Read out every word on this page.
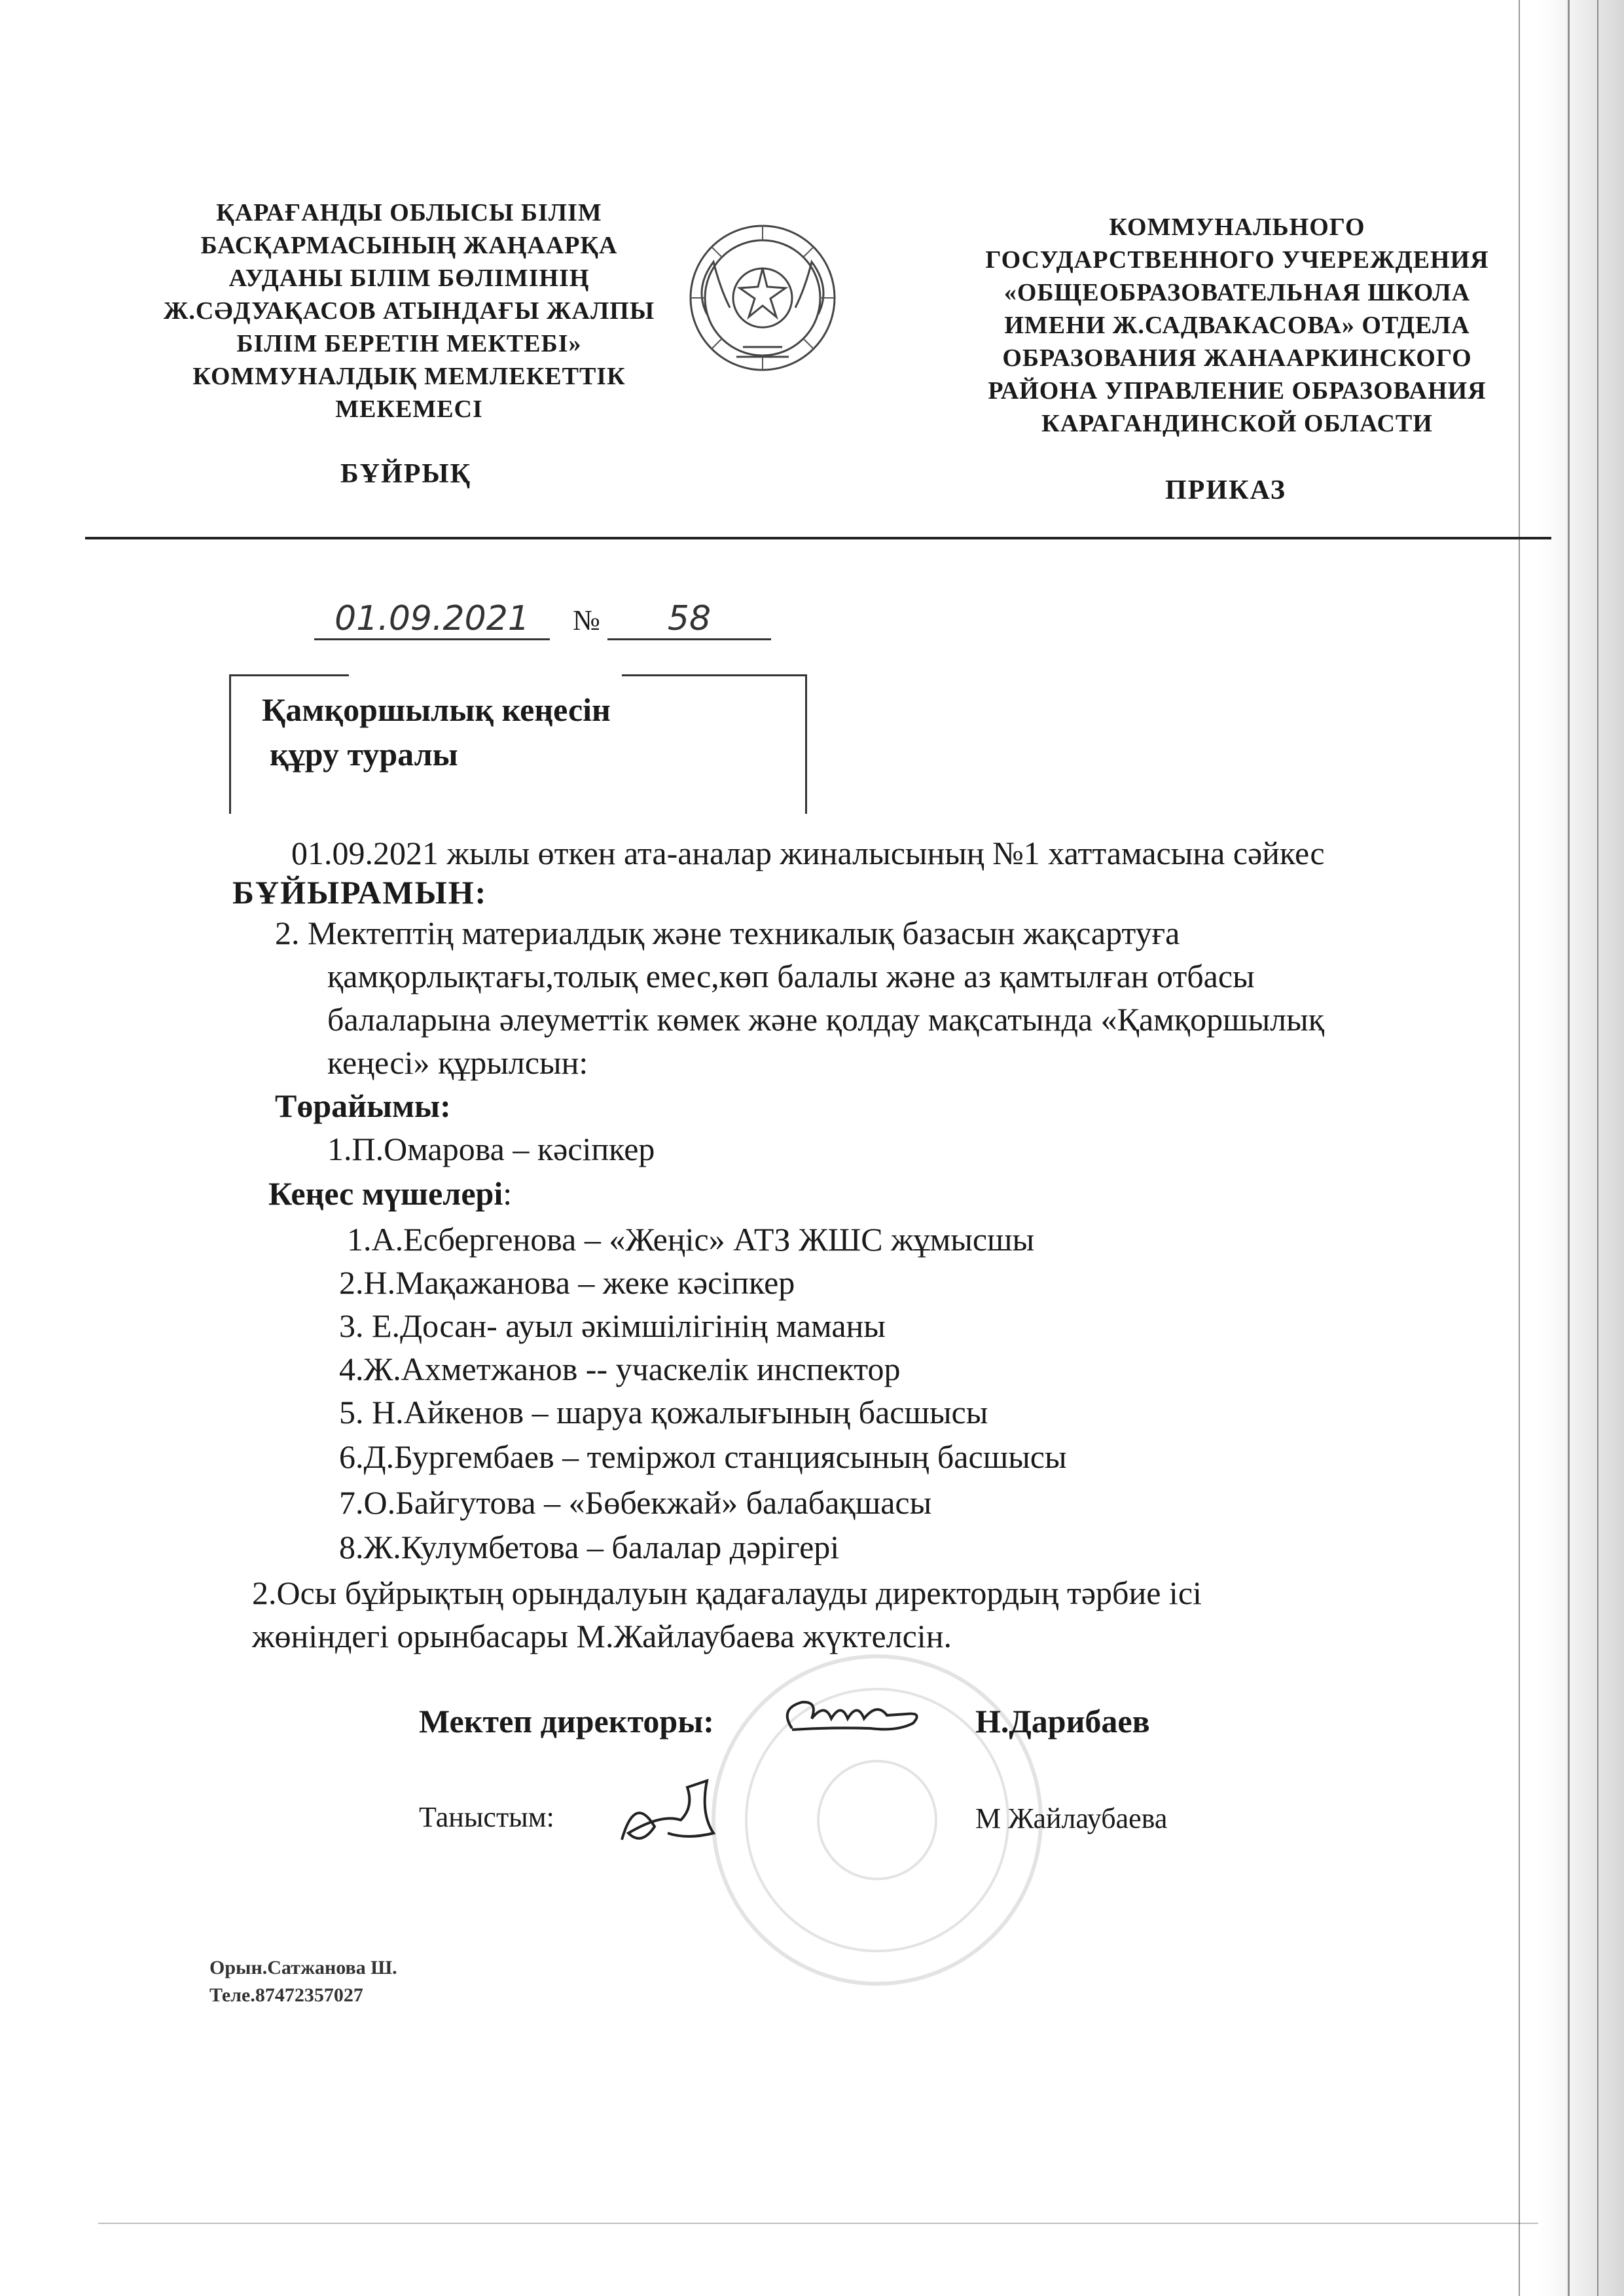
ҚАРАҒАНДЫ ОБЛЫСЫ БІЛІМ
БАСҚАРМАСЫНЫҢ ЖАҢААРҚА
АУДАНЫ БІЛІМ БӨЛІМІНІҢ
Ж.СӘДУАҚАСОВ АТЫНДАҒЫ ЖАЛПЫ
БІЛІМ БЕРЕТІН МЕКТЕБІ»
КОММУНАЛДЫҚ МЕМЛЕКЕТТІК
МЕКЕМЕСІ
КОММУНАЛЬНОГО
ГОСУДАРСТВЕННОГО УЧЕРЕЖДЕНИЯ
«ОБЩЕОБРАЗОВАТЕЛЬНАЯ ШКОЛА
ИМЕНИ Ж.САДВАКАСОВА» ОТДЕЛА
ОБРАЗОВАНИЯ ЖАНААРКИНСКОГО
РАЙОНА УПРАВЛЕНИЕ ОБРАЗОВАНИЯ
КАРАГАНДИНСКОЙ ОБЛАСТИ
БҰЙРЫҚ
ПРИКАЗ
01.09.2021 № 58
Қамқоршылық кеңесін
құру туралы
01.09.2021 жылы өткен ата-аналар жиналысының №1 хаттамасына сәйкес
БҰЙЫРАМЫН:
2. Мектептің материалдық және техникалық базасын жақсартуға
қамқорлықтағы,толық емес,көп балалы және аз қамтылған отбасы
балаларына әлеуметтік көмек және қолдау мақсатында «Қамқоршылық
кеңесі» құрылсын:
Төрайымы:
1.П.Омарова – кәсіпкер
Кеңес мүшелері:
1.А.Есбергенова – «Жеңіс» АТЗ ЖШС жұмысшы
2.Н.Мақажанова – жеке кәсіпкер
3. Е.Досан- ауыл әкімшілігінің маманы
4.Ж.Ахметжанов -- учаскелік инспектор
5. Н.Айкенов – шаруа қожалығының басшысы
6.Д.Бургембаев – теміржол станциясының басшысы
7.О.Байгутова – «Бөбекжай» балабақшасы
8.Ж.Кулумбетова – балалар дәрігері
2.Осы бұйрықтың орындалуын қадағалауды директордың тәрбие ісі
жөніндегі орынбасары М.Жайлаубаева жүктелсін.
Мектеп директоры:	Н.Дарибаев
Таныстым:	М Жайлаубаева
Орын.Сатжанова Ш.
Теле.87472357027
